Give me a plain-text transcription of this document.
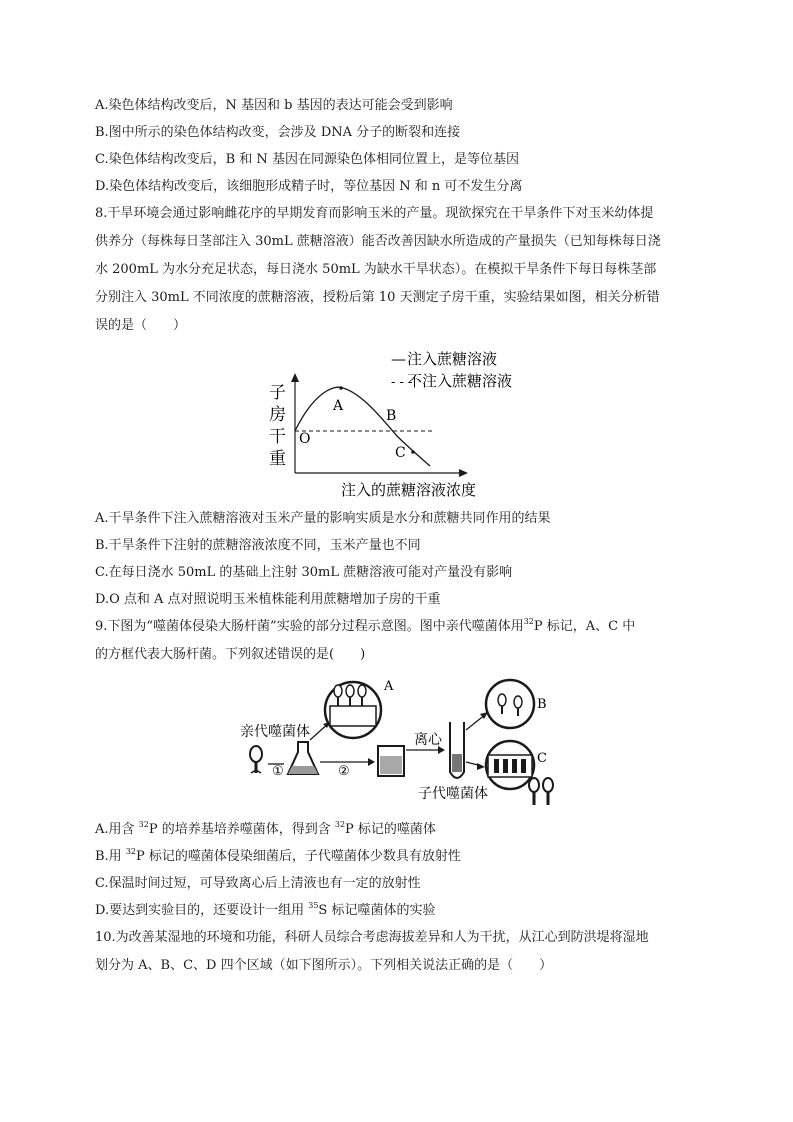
A.染色体结构改变后，N 基因和 b 基因的表达可能会受到影响
B.图中所示的染色体结构改变，会涉及 DNA 分子的断裂和连接
C.染色体结构改变后，B 和 N 基因在同源染色体相同位置上，是等位基因
D.染色体结构改变后，该细胞形成精子时，等位基因 N 和 n 可不发生分离
8.干旱环境会通过影响雌花序的早期发育而影响玉米的产量。现欲探究在干旱条件下对玉米幼体提
供养分（每株每日茎部注入 30mL 蔗糖溶液）能否改善因缺水所造成的产量损失（已知每株每日浇
水 200mL 为水分充足状态，每日浇水 50mL 为缺水干旱状态）。在模拟干旱条件下每日每株茎部
分别注入 30mL 不同浓度的蔗糖溶液，授粉后第 10 天测定子房干重，实验结果如图，相关分析错
误的是（　　）
— 注入蔗糖溶液
- - -
不注入蔗糖溶液
子
房
干
重
O
A
B
C
注入的蔗糖溶液浓度
A.干旱条件下注入蔗糖溶液对玉米产量的影响实质是水分和蔗糖共同作用的结果
B.干旱条件下注射的蔗糖溶液浓度不同，玉米产量也不同
C.在每日浇水 50mL 的基础上注射 30mL 蔗糖溶液可能对产量没有影响
D.O 点和 A 点对照说明玉米植株能利用蔗糖增加子房的干重
9.下图为“噬菌体侵染大肠杆菌”实验的部分过程示意图。图中亲代噬菌体用$^{32}$P 标记，A、C 中
的方框代表大肠杆菌。下列叙述错误的是(　　)
亲代噬菌体
①
A
②
离心
B
C
子代噬菌体
A.用含 $^{32}$P 的培养基培养噬菌体，得到含 $^{32}$P 标记的噬菌体
B.用 $^{32}$P 标记的噬菌体侵染细菌后，子代噬菌体少数具有放射性
C.保温时间过短，可导致离心后上清液也有一定的放射性
D.要达到实验目的，还要设计一组用 $^{35}$S 标记噬菌体的实验
10.为改善某湿地的环境和功能，科研人员综合考虑海拔差异和人为干扰，从江心到防洪堤将湿地
划分为 A、B、C、D 四个区域（如下图所示）。下列相关说法正确的是（　　）
